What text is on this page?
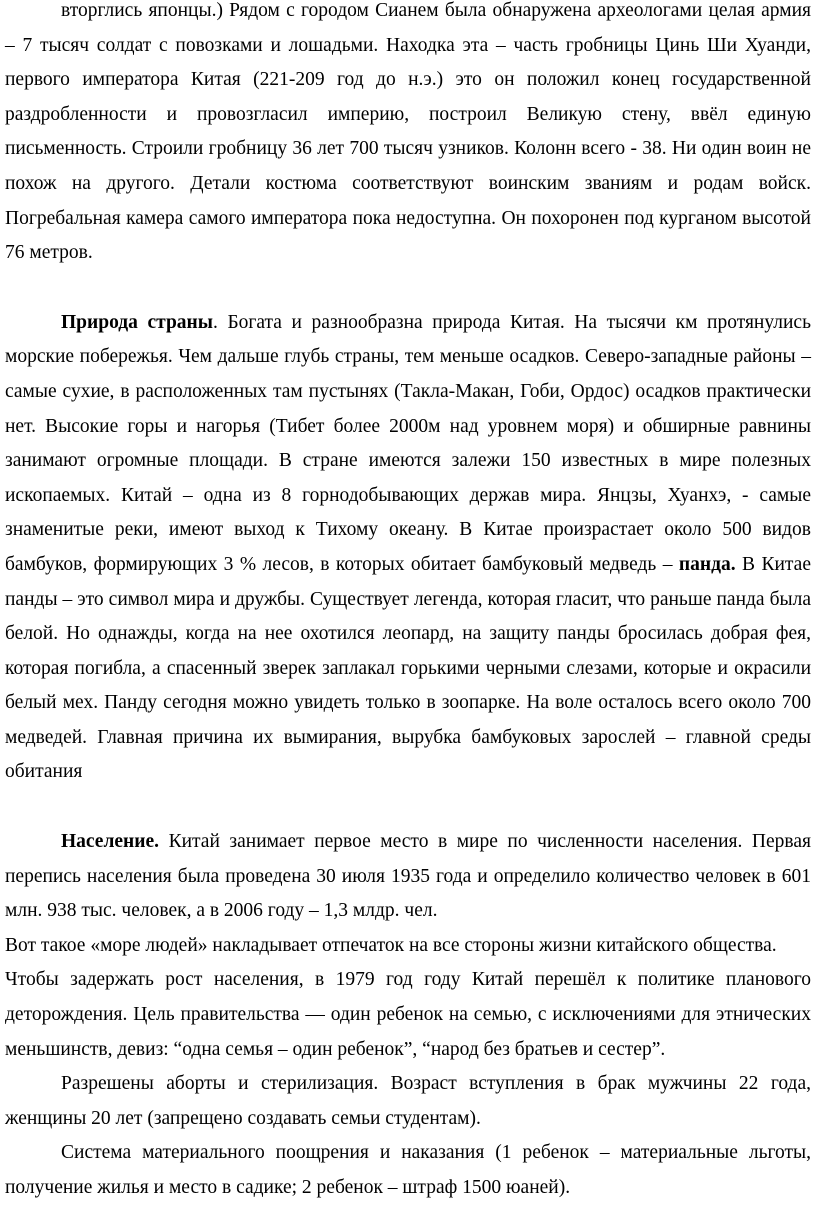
вторглись японцы.) Рядом с городом Сианем была обнаружена археологами целая армия – 7 тысяч солдат с повозками и лошадьми. Находка эта – часть гробницы Цинь Ши Хуанди, первого императора Китая (221-209 год до н.э.) это он положил конец государственной раздробленности и провозгласил империю, построил Великую стену, ввёл единую письменность. Строили гробницу 36 лет 700 тысяч узников. Колонн всего - 38. Ни один воин не похож на другого. Детали костюма соответствуют воинским званиям и родам войск. Погребальная камера самого императора пока недоступна. Он похоронен под курганом высотой 76 метров.

Природа страны. Богата и разнообразна природа Китая. На тысячи км протянулись морские побережья. Чем дальше глубь страны, тем меньше осадков. Северо-западные районы –самые сухие, в расположенных там пустынях (Такла-Макан, Гоби, Ордос) осадков практически нет. Высокие горы и нагорья (Тибет более 2000м над уровнем моря) и обширные равнины занимают огромные площади. В стране имеются залежи 150 известных в мире полезных ископаемых. Китай – одна из 8 горнодобывающих держав мира. Янцзы, Хуанхэ, - самые знаменитые реки, имеют выход к Тихому океану. В Китае произрастает около 500 видов бамбуков, формирующих 3 % лесов, в которых обитает бамбуковый медведь – панда. В Китае панды – это символ мира и дружбы. Существует легенда, которая гласит, что раньше панда была белой. Но однажды, когда на нее охотился леопард, на защиту панды бросилась добрая фея, которая погибла, а спасенный зверек заплакал горькими черными слезами, которые и окрасили белый мех. Панду сегодня можно увидеть только в зоопарке. На воле осталось всего около 700 медведей. Главная причина их вымирания, вырубка бамбуковых зарослей – главной среды обитания

Население. Китай занимает первое место в мире по численности населения. Первая перепись населения была проведена 30 июля 1935 года и определило количество человек в 601 млн. 938 тыс. человек, а в 2006 году – 1,3 млдр. чел.

Вот такое «море людей» накладывает отпечаток на все стороны жизни китайского общества.

Чтобы задержать рост населения, в 1979 год году Китай перешёл к политике планового деторождения. Цель правительства — один ребенок на семью, с исключениями для этнических меньшинств, девиз: “одна семья – один ребенок”, “народ без братьев и сестер”.

Разрешены аборты и стерилизация. Возраст вступления в брак мужчины 22 года, женщины 20 лет (запрещено создавать семьи студентам).

Система материального поощрения и наказания (1 ребенок – материальные льготы, получение жилья и место в садике; 2 ребенок – штраф 1500 юаней).
